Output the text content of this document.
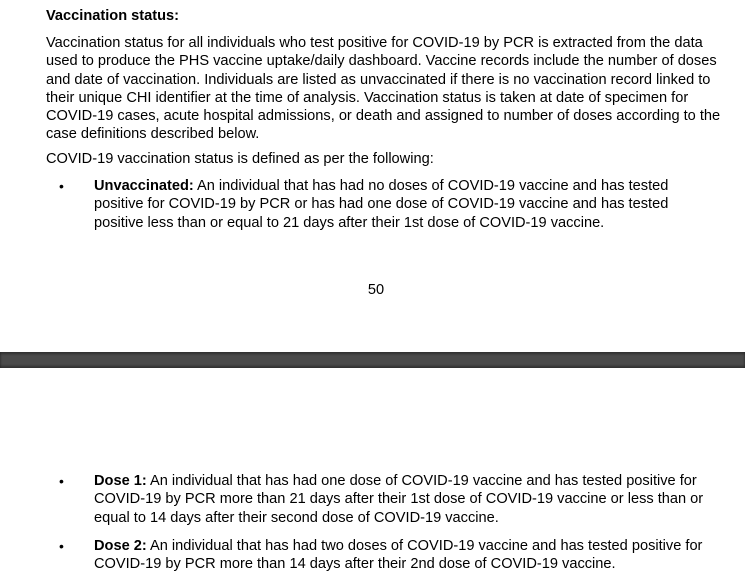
Vaccination status:

Vaccination status for all individuals who test positive for COVID-19 by PCR is extracted from the data used to produce the PHS vaccine uptake/daily dashboard. Vaccine records include the number of doses and date of vaccination. Individuals are listed as unvaccinated if there is no vaccination record linked to their unique CHI identifier at the time of analysis. Vaccination status is taken at date of specimen for COVID-19 cases, acute hospital admissions, or death and assigned to number of doses according to the case definitions described below.

COVID-19 vaccination status is defined as per the following:

• Unvaccinated: An individual that has had no doses of COVID-19 vaccine and has tested positive for COVID-19 by PCR or has had one dose of COVID-19 vaccine and has tested positive less than or equal to 21 days after their 1st dose of COVID-19 vaccine.

50

• Dose 1: An individual that has had one dose of COVID-19 vaccine and has tested positive for COVID-19 by PCR more than 21 days after their 1st dose of COVID-19 vaccine or less than or equal to 14 days after their second dose of COVID-19 vaccine.

• Dose 2: An individual that has had two doses of COVID-19 vaccine and has tested positive for COVID-19 by PCR more than 14 days after their 2nd dose of COVID-19 vaccine.
